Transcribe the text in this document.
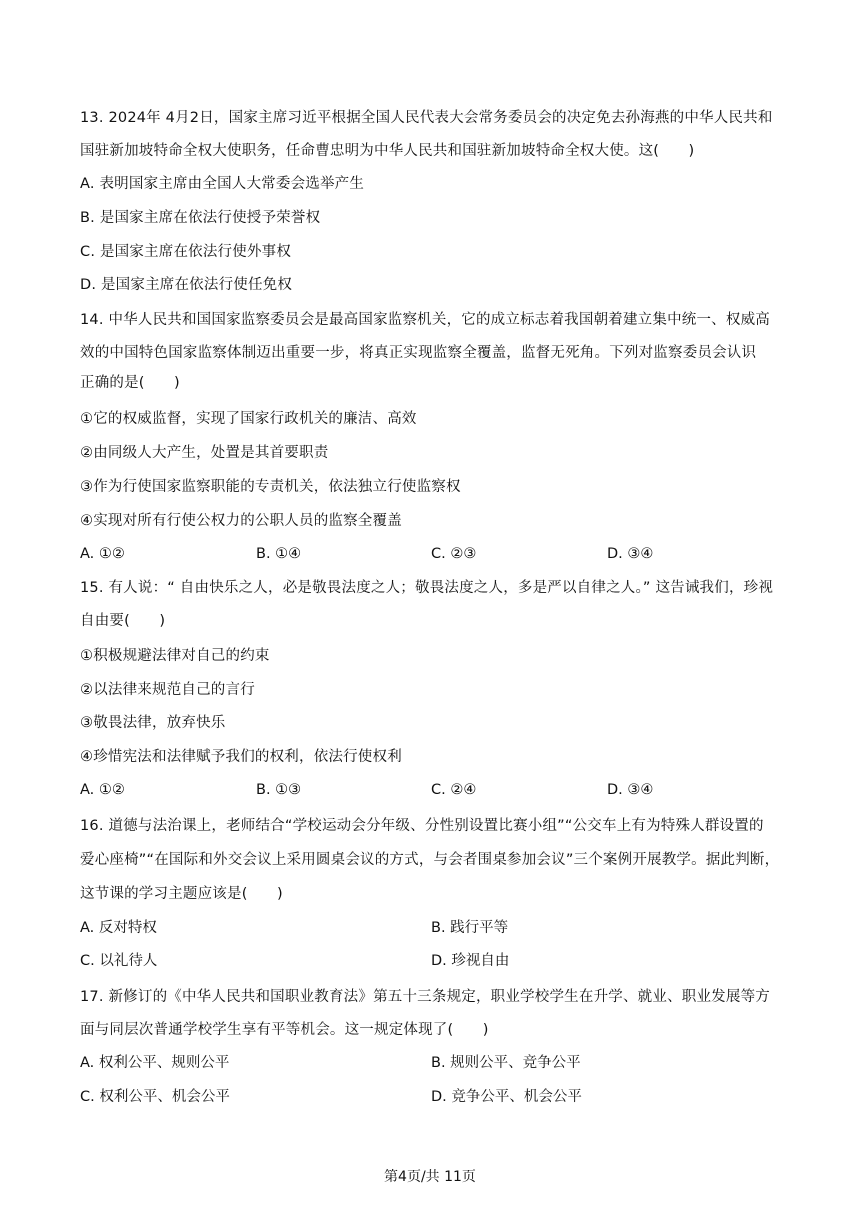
13. 2024年 4月2日，国家主席习近平根据全国人民代表大会常务委员会的决定免去孙海燕的中华人民共和
国驻新加坡特命全权大使职务，任命曹忠明为中华人民共和国驻新加坡特命全权大使。这(　　)
A. 表明国家主席由全国人大常委会选举产生
B. 是国家主席在依法行使授予荣誉权
C. 是国家主席在依法行使外事权
D. 是国家主席在依法行使任免权
14. 中华人民共和国国家监察委员会是最高国家监察机关，它的成立标志着我国朝着建立集中统一、权威高
效的中国特色国家监察体制迈出重要一步，将真正实现监察全覆盖，监督无死角。下列对监察委员会认识
正确的是(　　)
①它的权威监督，实现了国家行政机关的廉洁、高效
②由同级人大产生，处置是其首要职责
③作为行使国家监察职能的专责机关，依法独立行使监察权
④实现对所有行使公权力的公职人员的监察全覆盖
A. ①②	B. ①④	C. ②③	D. ③④
15. 有人说：“ 自由快乐之人，必是敬畏法度之人；敬畏法度之人，多是严以自律之人。” 这告诫我们，珍视
自由要(　　)
①积极规避法律对自己的约束
②以法律来规范自己的言行
③敬畏法律，放弃快乐
④珍惜宪法和法律赋予我们的权利，依法行使权利
A. ①②	B. ①③	C. ②④	D. ③④
16. 道德与法治课上，老师结合“学校运动会分年级、分性别设置比赛小组”“公交车上有为特殊人群设置的
爱心座椅”“在国际和外交会议上采用圆桌会议的方式，与会者围桌参加会议”三个案例开展教学。据此判断，
这节课的学习主题应该是(　　)
A. 反对特权	B. 践行平等
C. 以礼待人	D. 珍视自由
17. 新修订的《中华人民共和国职业教育法》第五十三条规定，职业学校学生在升学、就业、职业发展等方
面与同层次普通学校学生享有平等机会。这一规定体现了(　　)
A. 权利公平、规则公平	B. 规则公平、竞争公平
C. 权利公平、机会公平	D. 竞争公平、机会公平
第4页/共 11页
